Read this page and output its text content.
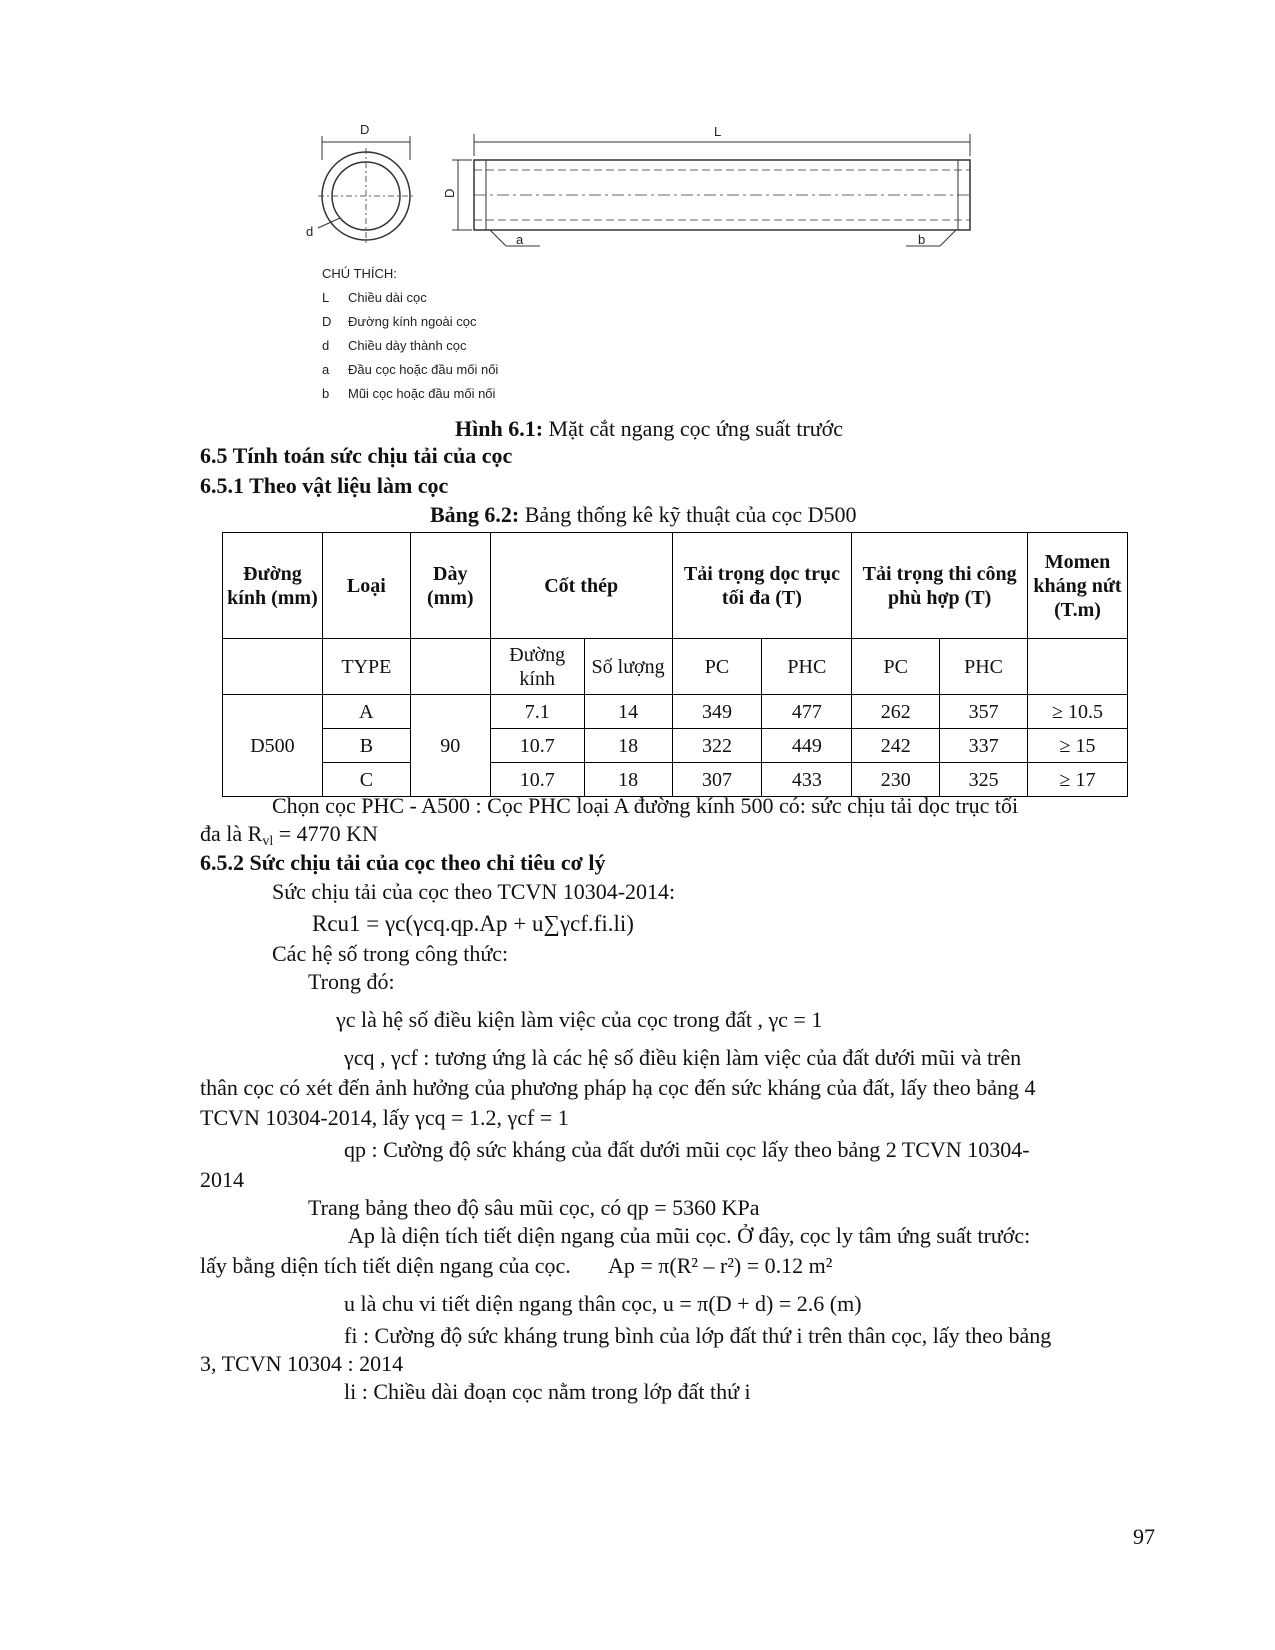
D
d
L
D
a	b
CHÚ THÍCH:
L Chiều dài cọc
D Đường kính ngoài cọc
d Chiều dày thành cọc
a Đầu cọc hoặc đầu mối nối
b Mũi cọc hoặc đầu mối nối
Hình 6.1: Mặt cắt ngang cọc ứng suất trước
6.5 Tính toán sức chịu tải của cọc
6.5.1 Theo vật liệu làm cọc
Bảng 6.2: Bảng thống kê kỹ thuật của cọc D500
Đường kính (mm)	Loại	Dày (mm)	Cốt thép		Tải trọng dọc trục tối đa (T)		Tải trọng thi công phù hợp (T)		Momen kháng nứt (T.m)
	TYPE		Đường kính	Số lượng	PC	PHC	PC	PHC	
D500	A	90	7.1	14	349	477	262	357	≥ 10.5
	B		10.7	18	322	449	242	337	≥ 15
	C		10.7	18	307	433	230	325	≥ 17
Chọn cọc PHC - A500 : Cọc PHC loại A đường kính 500 có: sức chịu tải dọc trục tối
đa là Rvl = 4770 KN
6.5.2 Sức chịu tải của cọc theo chỉ tiêu cơ lý
Sức chịu tải của cọc theo TCVN 10304-2014:
Rcu1 = γc(γcq.qp.Ap + u∑γcf.fi.li)
Các hệ số trong công thức:
Trong đó:
γc là hệ số điều kiện làm việc của cọc trong đất , γc = 1
γcq , γcf : tương ứng là các hệ số điều kiện làm việc của đất dưới mũi và trên
thân cọc có xét đến ảnh hưởng của phương pháp hạ cọc đến sức kháng của đất, lấy theo bảng 4
TCVN 10304-2014, lấy γcq = 1.2, γcf = 1
qp : Cường độ sức kháng của đất dưới mũi cọc lấy theo bảng 2 TCVN 10304-
2014
Trang bảng theo độ sâu mũi cọc, có qp = 5360 KPa
Ap là diện tích tiết diện ngang của mũi cọc. Ở đây, cọc ly tâm ứng suất trước:
lấy bằng diện tích tiết diện ngang của cọc. Ap = π(R² – r²) = 0.12 m²
u là chu vi tiết diện ngang thân cọc, u = π(D + d) = 2.6 (m)
fi : Cường độ sức kháng trung bình của lớp đất thứ i trên thân cọc, lấy theo bảng
3, TCVN 10304 : 2014
li : Chiều dài đoạn cọc nằm trong lớp đất thứ i
97
